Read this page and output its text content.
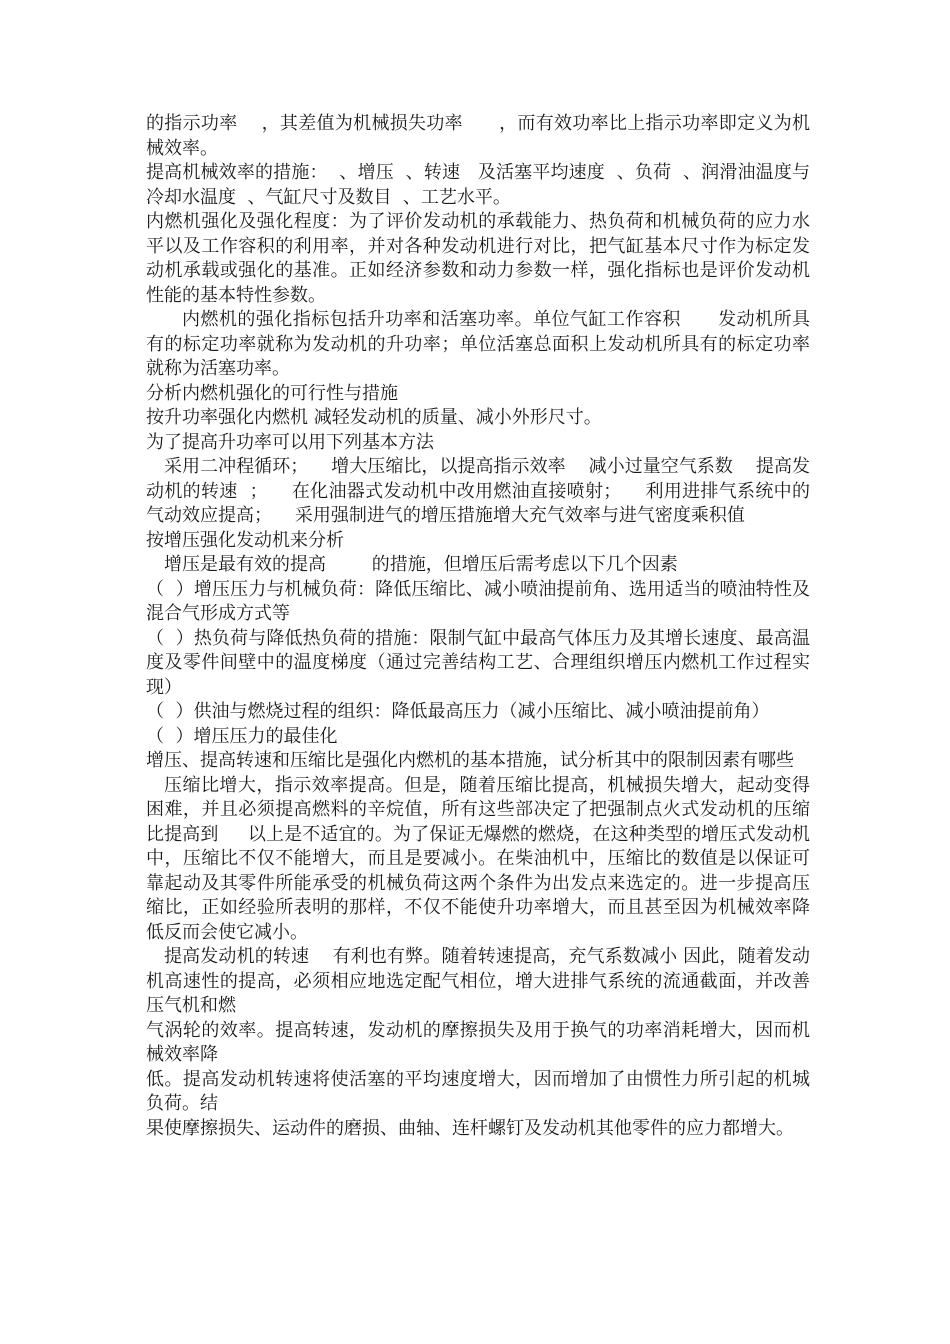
的指示功率    ，其差值为机械损失功率      ，而有效功率比上指示功率即定义为机械效率。

提高机械效率的措施：  、增压  、转速   及活塞平均速度  、负荷  、润滑油温度与冷却水温度  、气缸尺寸及数目  、工艺水平。

内燃机强化及强化程度：为了评价发动机的承载能力、热负荷和机械负荷的应力水平以及工作容积的利用率，并对各种发动机进行对比，把气缸基本尺寸作为标定发动机承载或强化的基准。正如经济参数和动力参数一样，强化指标也是评价发动机性能的基本特性参数。

内燃机的强化指标包括升功率和活塞功率。单位气缸工作容积      发动机所具有的标定功率就称为发动机的升功率；单位活塞总面积上发动机所具有的标定功率就称为活塞功率。

分析内燃机强化的可行性与措施

按升功率强化内燃机 减轻发动机的质量、减小外形尺寸。

为了提高升功率可以用下列基本方法

采用二冲程循环；    增大压缩比，以提高指示效率    减小过量空气系数    提高发动机的转速  ；    在化油器式发动机中改用燃油直接喷射；    利用进排气系统中的气动效应提高；    采用强制进气的增压措施增大充气效率与进气密度乘积值

按增压强化发动机来分析

增压是最有效的提高        的措施，但增压后需考虑以下几个因素

（  ）增压压力与机械负荷：降低压缩比、减小喷油提前角、选用适当的喷油特性及混合气形成方式等

（  ）热负荷与降低热负荷的措施：限制气缸中最高气体压力及其增长速度、最高温度及零件间壁中的温度梯度（通过完善结构工艺、合理组织增压内燃机工作过程实现）

（  ）供油与燃烧过程的组织：降低最高压力（减小压缩比、减小喷油提前角）

（  ）增压压力的最佳化

增压、提高转速和压缩比是强化内燃机的基本措施，试分析其中的限制因素有哪些

压缩比增大，指示效率提高。但是，随着压缩比提高，机械损失增大，起动变得困难，并且必须提高燃料的辛烷值，所有这些部决定了把强制点火式发动机的压缩比提高到     以上是不适宜的。为了保证无爆燃的燃烧，在这种类型的增压式发动机中，压缩比不仅不能增大，而且是要减小。在柴油机中，压缩比的数值是以保证可靠起动及其零件所能承受的机械负荷这两个条件为出发点来选定的。进一步提高压缩比，正如经验所表明的那样，不仅不能使升功率增大，而且甚至因为机械效率降低反而会使它减小。

提高发动机的转速    有利也有弊。随着转速提高，充气系数减小 因此，随着发动机高速性的提高，必须相应地选定配气相位，增大进排气系统的流通截面，并改善压气机和燃

气涡轮的效率。提高转速，发动机的摩擦损失及用于换气的功率消耗增大，因而机械效率降

低。提高发动机转速将使活塞的平均速度增大，因而增加了由惯性力所引起的机城负荷。结

果使摩擦损失、运动件的磨损、曲轴、连杆螺钉及发动机其他零件的应力都增大。
